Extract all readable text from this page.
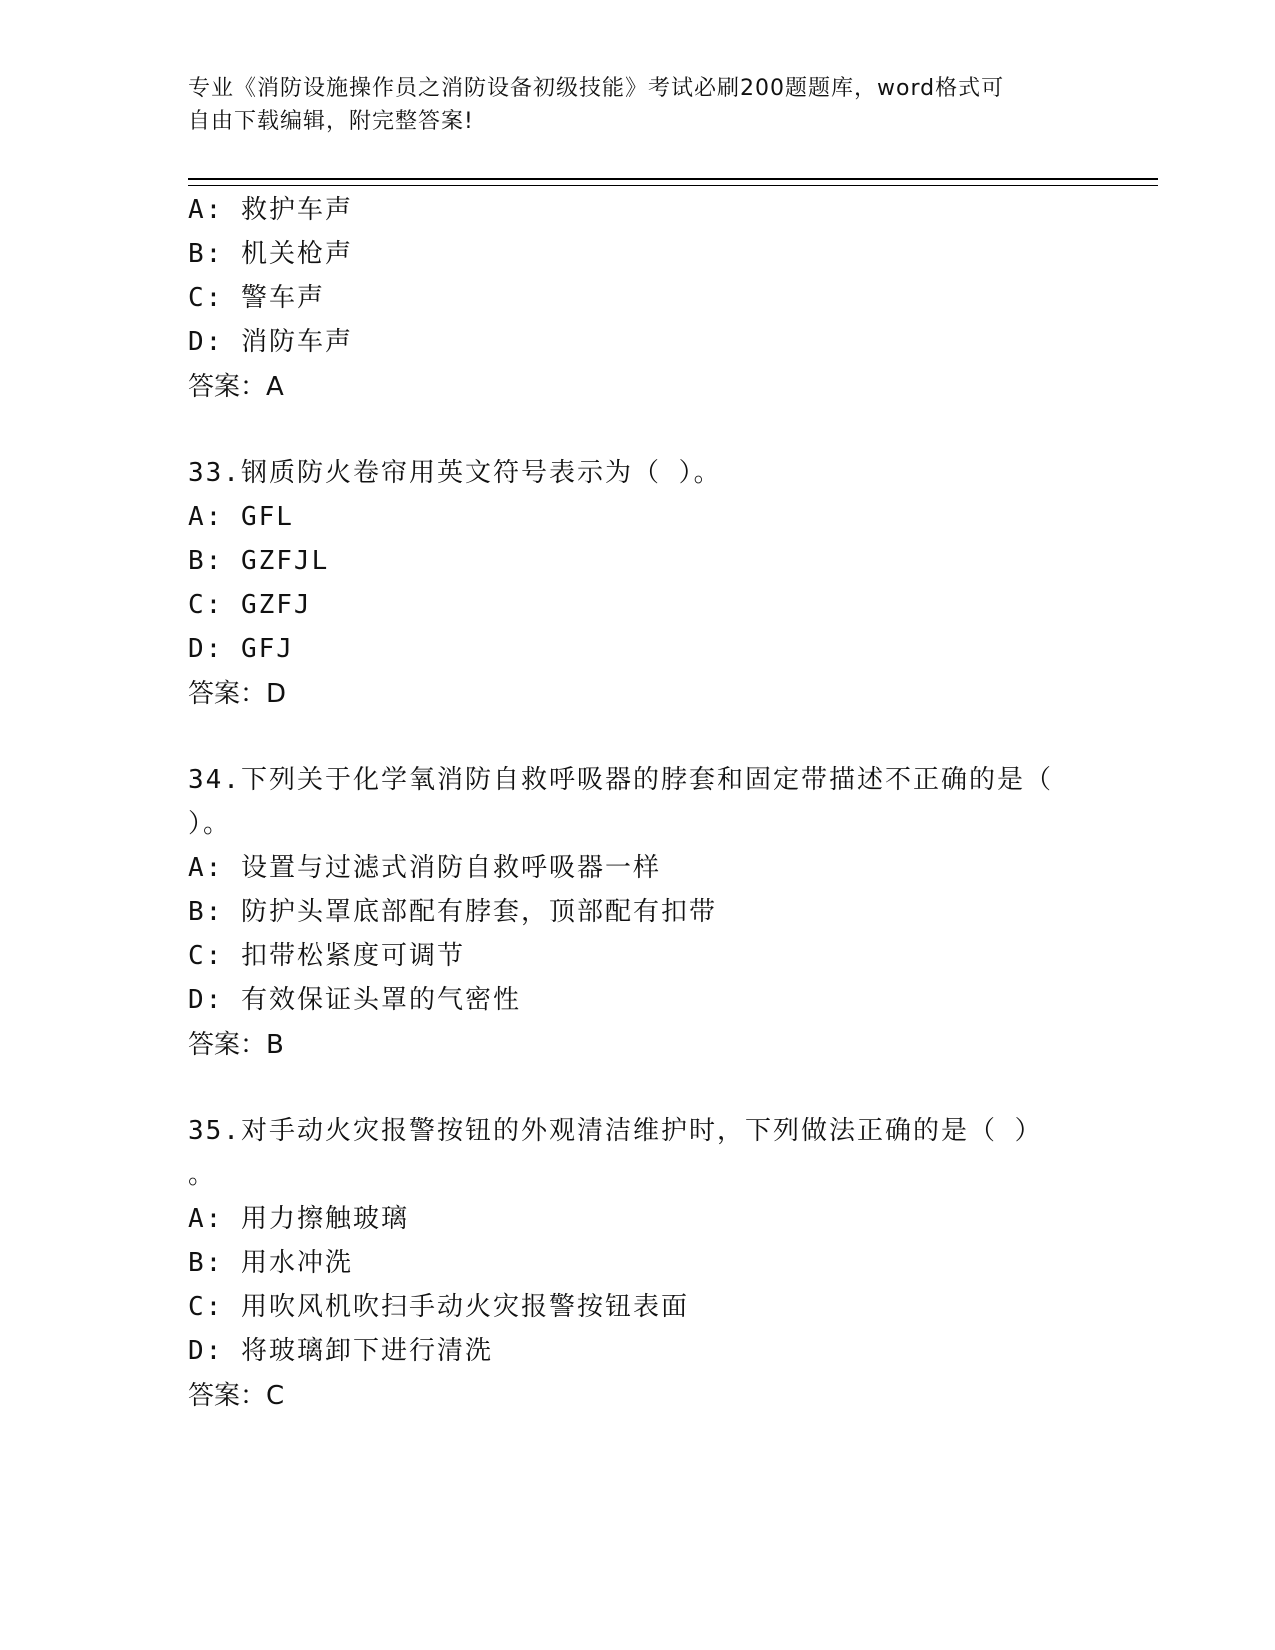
专业《消防设施操作员之消防设备初级技能》考试必刷200题题库，word格式可
自由下载编辑，附完整答案!
A: 救护车声
B: 机关枪声
C: 警车声
D: 消防车声
答案：A
33.钢质防火卷帘用英文符号表示为（ ）。
A: GFL
B: GZFJL
C: GZFJ
D: GFJ
答案：D
34.下列关于化学氧消防自救呼吸器的脖套和固定带描述不正确的是（
）。
A: 设置与过滤式消防自救呼吸器一样
B: 防护头罩底部配有脖套，顶部配有扣带
C: 扣带松紧度可调节
D: 有效保证头罩的气密性
答案：B
35.对手动火灾报警按钮的外观清洁维护时，下列做法正确的是（ ）
。
A: 用力擦触玻璃
B: 用水冲洗
C: 用吹风机吹扫手动火灾报警按钮表面
D: 将玻璃卸下进行清洗
答案：C
